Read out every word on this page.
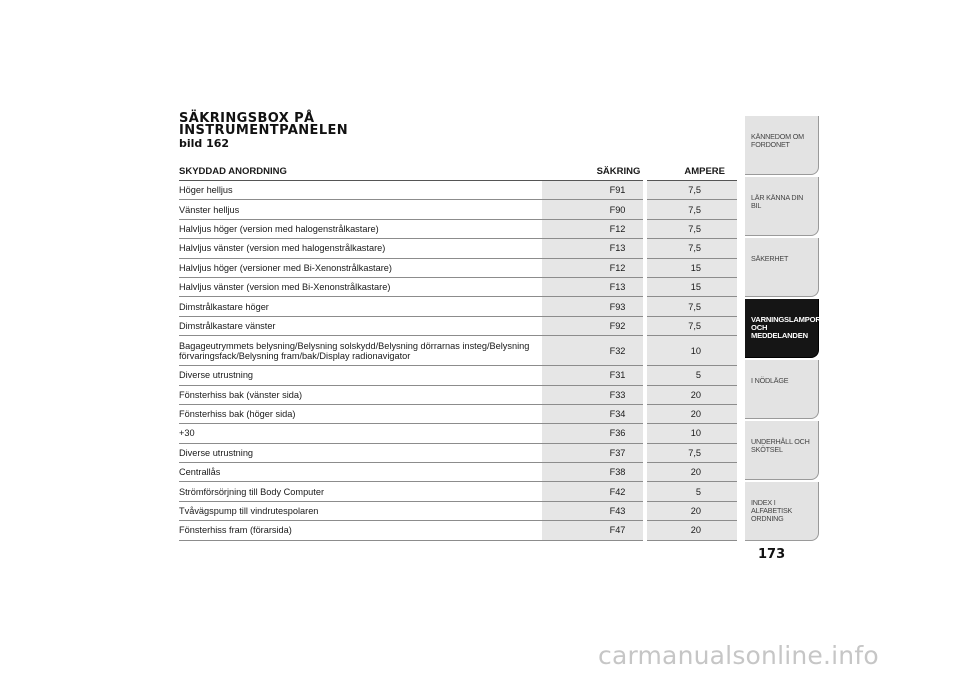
SÄKRINGSBOX PÅ
INSTRUMENTPANELEN
bild 162
SKYDDAD ANORDNING	SÄKRING	AMPERE
Höger helljus	F91	7,5
Vänster helljus	F90	7,5
Halvljus höger (version med halogenstrålkastare)	F12	7,5
Halvljus vänster (version med halogenstrålkastare)	F13	7,5
Halvljus höger (versioner med Bi-Xenonstrålkastare)	F12	15
Halvljus vänster (version med Bi-Xenonstrålkastare)	F13	15
Dimstrålkastare höger	F93	7,5
Dimstrålkastare vänster	F92	7,5
Bagageutrymmets belysning/Belysning solskydd/Belysning dörrarnas insteg/Belysning förvaringsfack/Belysning fram/bak/Display radionavigator	F32	10
Diverse utrustning	F31	5
Fönsterhiss bak (vänster sida)	F33	20
Fönsterhiss bak (höger sida)	F34	20
+30	F36	10
Diverse utrustning	F37	7,5
Centrallås	F38	20
Strömförsörjning till Body Computer	F42	5
Tvåvägspump till vindrutespolaren	F43	20
Fönsterhiss fram (förarsida)	F47	20
KÄNNEDOM OM FORDONET
LÄR KÄNNA DIN BIL
SÄKERHET
VARNINGSLAMPOR OCH MEDDELANDEN
I NÖDLÄGE
UNDERHÅLL OCH SKÖTSEL
INDEX I ALFABETISK ORDNING
173
carmanualsonline.info
